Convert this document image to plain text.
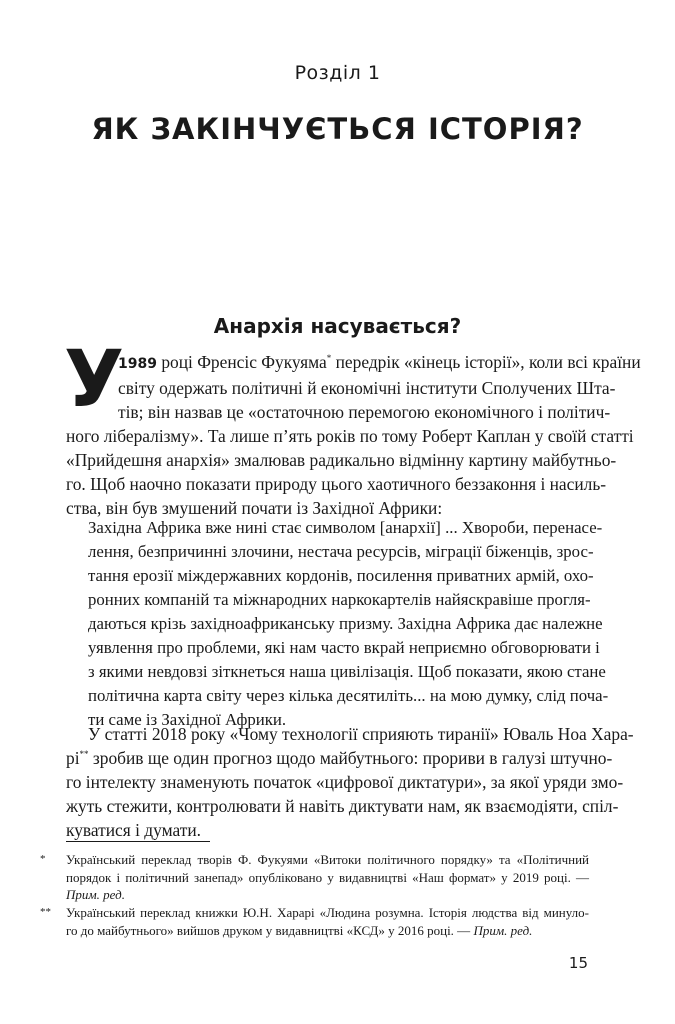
Розділ 1
ЯК ЗАКІНЧУЄТЬСЯ ІСТОРІЯ?
Анархія насувається?
У
1989 році Френсіс Фукуяма* передрік «кінець історії», коли всі країни
світу одержать політичні й економічні інститути Сполучених Шта-
тів; він назвав це «остаточною перемогою економічного і політич-
ного лібералізму». Та лише п’ять років по тому Роберт Каплан у своїй статті
«Прийдешня анархія» змалював радикально відмінну картину майбутньо-
го. Щоб наочно показати природу цього хаотичного беззаконня і насиль-
ства, він був змушений почати із Західної Африки:
Західна Африка вже нині стає символом [анархії] ... Хвороби, перенасе-
лення, безпричинні злочини, нестача ресурсів, міграції біженців, зрос-
тання ерозії міждержавних кордонів, посилення приватних армій, охо-
ронних компаній та міжнародних наркокартелів найяскравіше прогля-
даються крізь західноафриканську призму. Західна Африка дає належне
уявлення про проблеми, які нам часто вкрай неприємно обговорювати і
з якими невдовзі зіткнеться наша цивілізація. Щоб показати, якою стане
політична карта світу через кілька десятиліть... на мою думку, слід поча-
ти саме із Західної Африки.
У статті 2018 року «Чому технології сприяють тиранії» Юваль Ноа Хара-
рі** зробив ще один прогноз щодо майбутнього: прориви в галузі штучно-
го інтелекту знаменують початок «цифрової диктатури», за якої уряди змо-
жуть стежити, контролювати й навіть диктувати нам, як взаємодіяти, спіл-
куватися і думати.
* Український переклад творів Ф. Фукуями «Витоки політичного порядку» та «Політичний
порядок і політичний занепад» опубліковано у видавництві «Наш формат» у 2019 році. —
Прим. ред.
** Український переклад книжки Ю.Н. Харарі «Людина розумна. Історія людства від минуло-
го до майбутнього» вийшов друком у видавництві «КСД» у 2016 році. — Прим. ред.
15
